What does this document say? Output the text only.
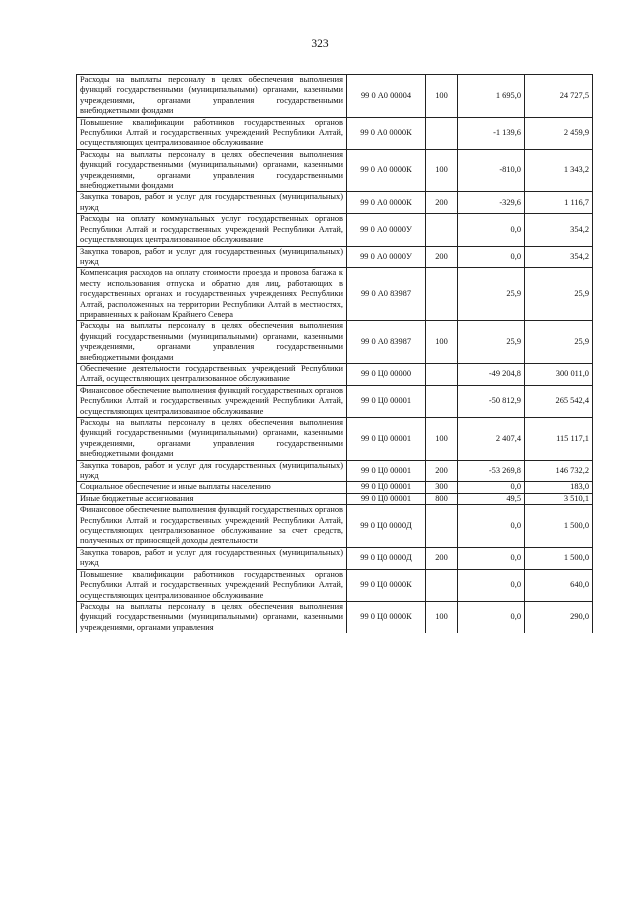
323
Расходы на выплаты персоналу в целях обеспечения выполнения функций государственными (муниципальными) органами, казенными учреждениями, органами управления государственными внебюджетными фондами	99 0 А0 00004	100	1 695,0	24 727,5
Повышение квалификации работников государственных органов Республики Алтай и государственных учреждений Республики Алтай, осуществляющих централизованное обслуживание	99 0 А0 0000К		-1 139,6	2 459,9
Расходы на выплаты персоналу в целях обеспечения выполнения функций государственными (муниципальными) органами, казенными учреждениями, органами управления государственными внебюджетными фондами	99 0 А0 0000К	100	-810,0	1 343,2
Закупка товаров, работ и услуг для государственных (муниципальных) нужд	99 0 А0 0000К	200	-329,6	1 116,7
Расходы на оплату коммунальных услуг государственных органов Республики Алтай и государственных учреждений Республики Алтай, осуществляющих централизованное обслуживание	99 0 А0 0000У		0,0	354,2
Закупка товаров, работ и услуг для государственных (муниципальных) нужд	99 0 А0 0000У	200	0,0	354,2
Компенсация расходов на оплату стоимости проезда и провоза багажа к месту использования отпуска и обратно для лиц, работающих в государственных органах и государственных учреждениях Республики Алтай, расположенных на территории Республики Алтай в местностях, приравненных к районам Крайнего Севера	99 0 А0 83987		25,9	25,9
Расходы на выплаты персоналу в целях обеспечения выполнения функций государственными (муниципальными) органами, казенными учреждениями, органами управления государственными внебюджетными фондами	99 0 А0 83987	100	25,9	25,9
Обеспечение деятельности государственных учреждений Республики Алтай, осуществляющих централизованное обслуживание	99 0 Ц0 00000		-49 204,8	300 011,0
Финансовое обеспечение выполнения функций государственных органов Республики Алтай и государственных учреждений Республики Алтай, осуществляющих централизованное обслуживание	99 0 Ц0 00001		-50 812,9	265 542,4
Расходы на выплаты персоналу в целях обеспечения выполнения функций государственными (муниципальными) органами, казенными учреждениями, органами управления государственными внебюджетными фондами	99 0 Ц0 00001	100	2 407,4	115 117,1
Закупка товаров, работ и услуг для государственных (муниципальных) нужд	99 0 Ц0 00001	200	-53 269,8	146 732,2
Социальное обеспечение и иные выплаты населению	99 0 Ц0 00001	300	0,0	183,0
Иные бюджетные ассигнования	99 0 Ц0 00001	800	49,5	3 510,1
Финансовое обеспечение выполнения функций государственных органов Республики Алтай и государственных учреждений Республики Алтай, осуществляющих централизованное обслуживание за счет средств, полученных от приносящей доходы деятельности	99 0 Ц0 0000Д		0,0	1 500,0
Закупка товаров, работ и услуг для государственных (муниципальных) нужд	99 0 Ц0 0000Д	200	0,0	1 500,0
Повышение квалификации работников государственных органов Республики Алтай и государственных учреждений Республики Алтай, осуществляющих централизованное обслуживание	99 0 Ц0 0000К		0,0	640,0
Расходы на выплаты персоналу в целях обеспечения выполнения функций государственными (муниципальными) органами, казенными учреждениями, органами управления	99 0 Ц0 0000К	100	0,0	290,0
